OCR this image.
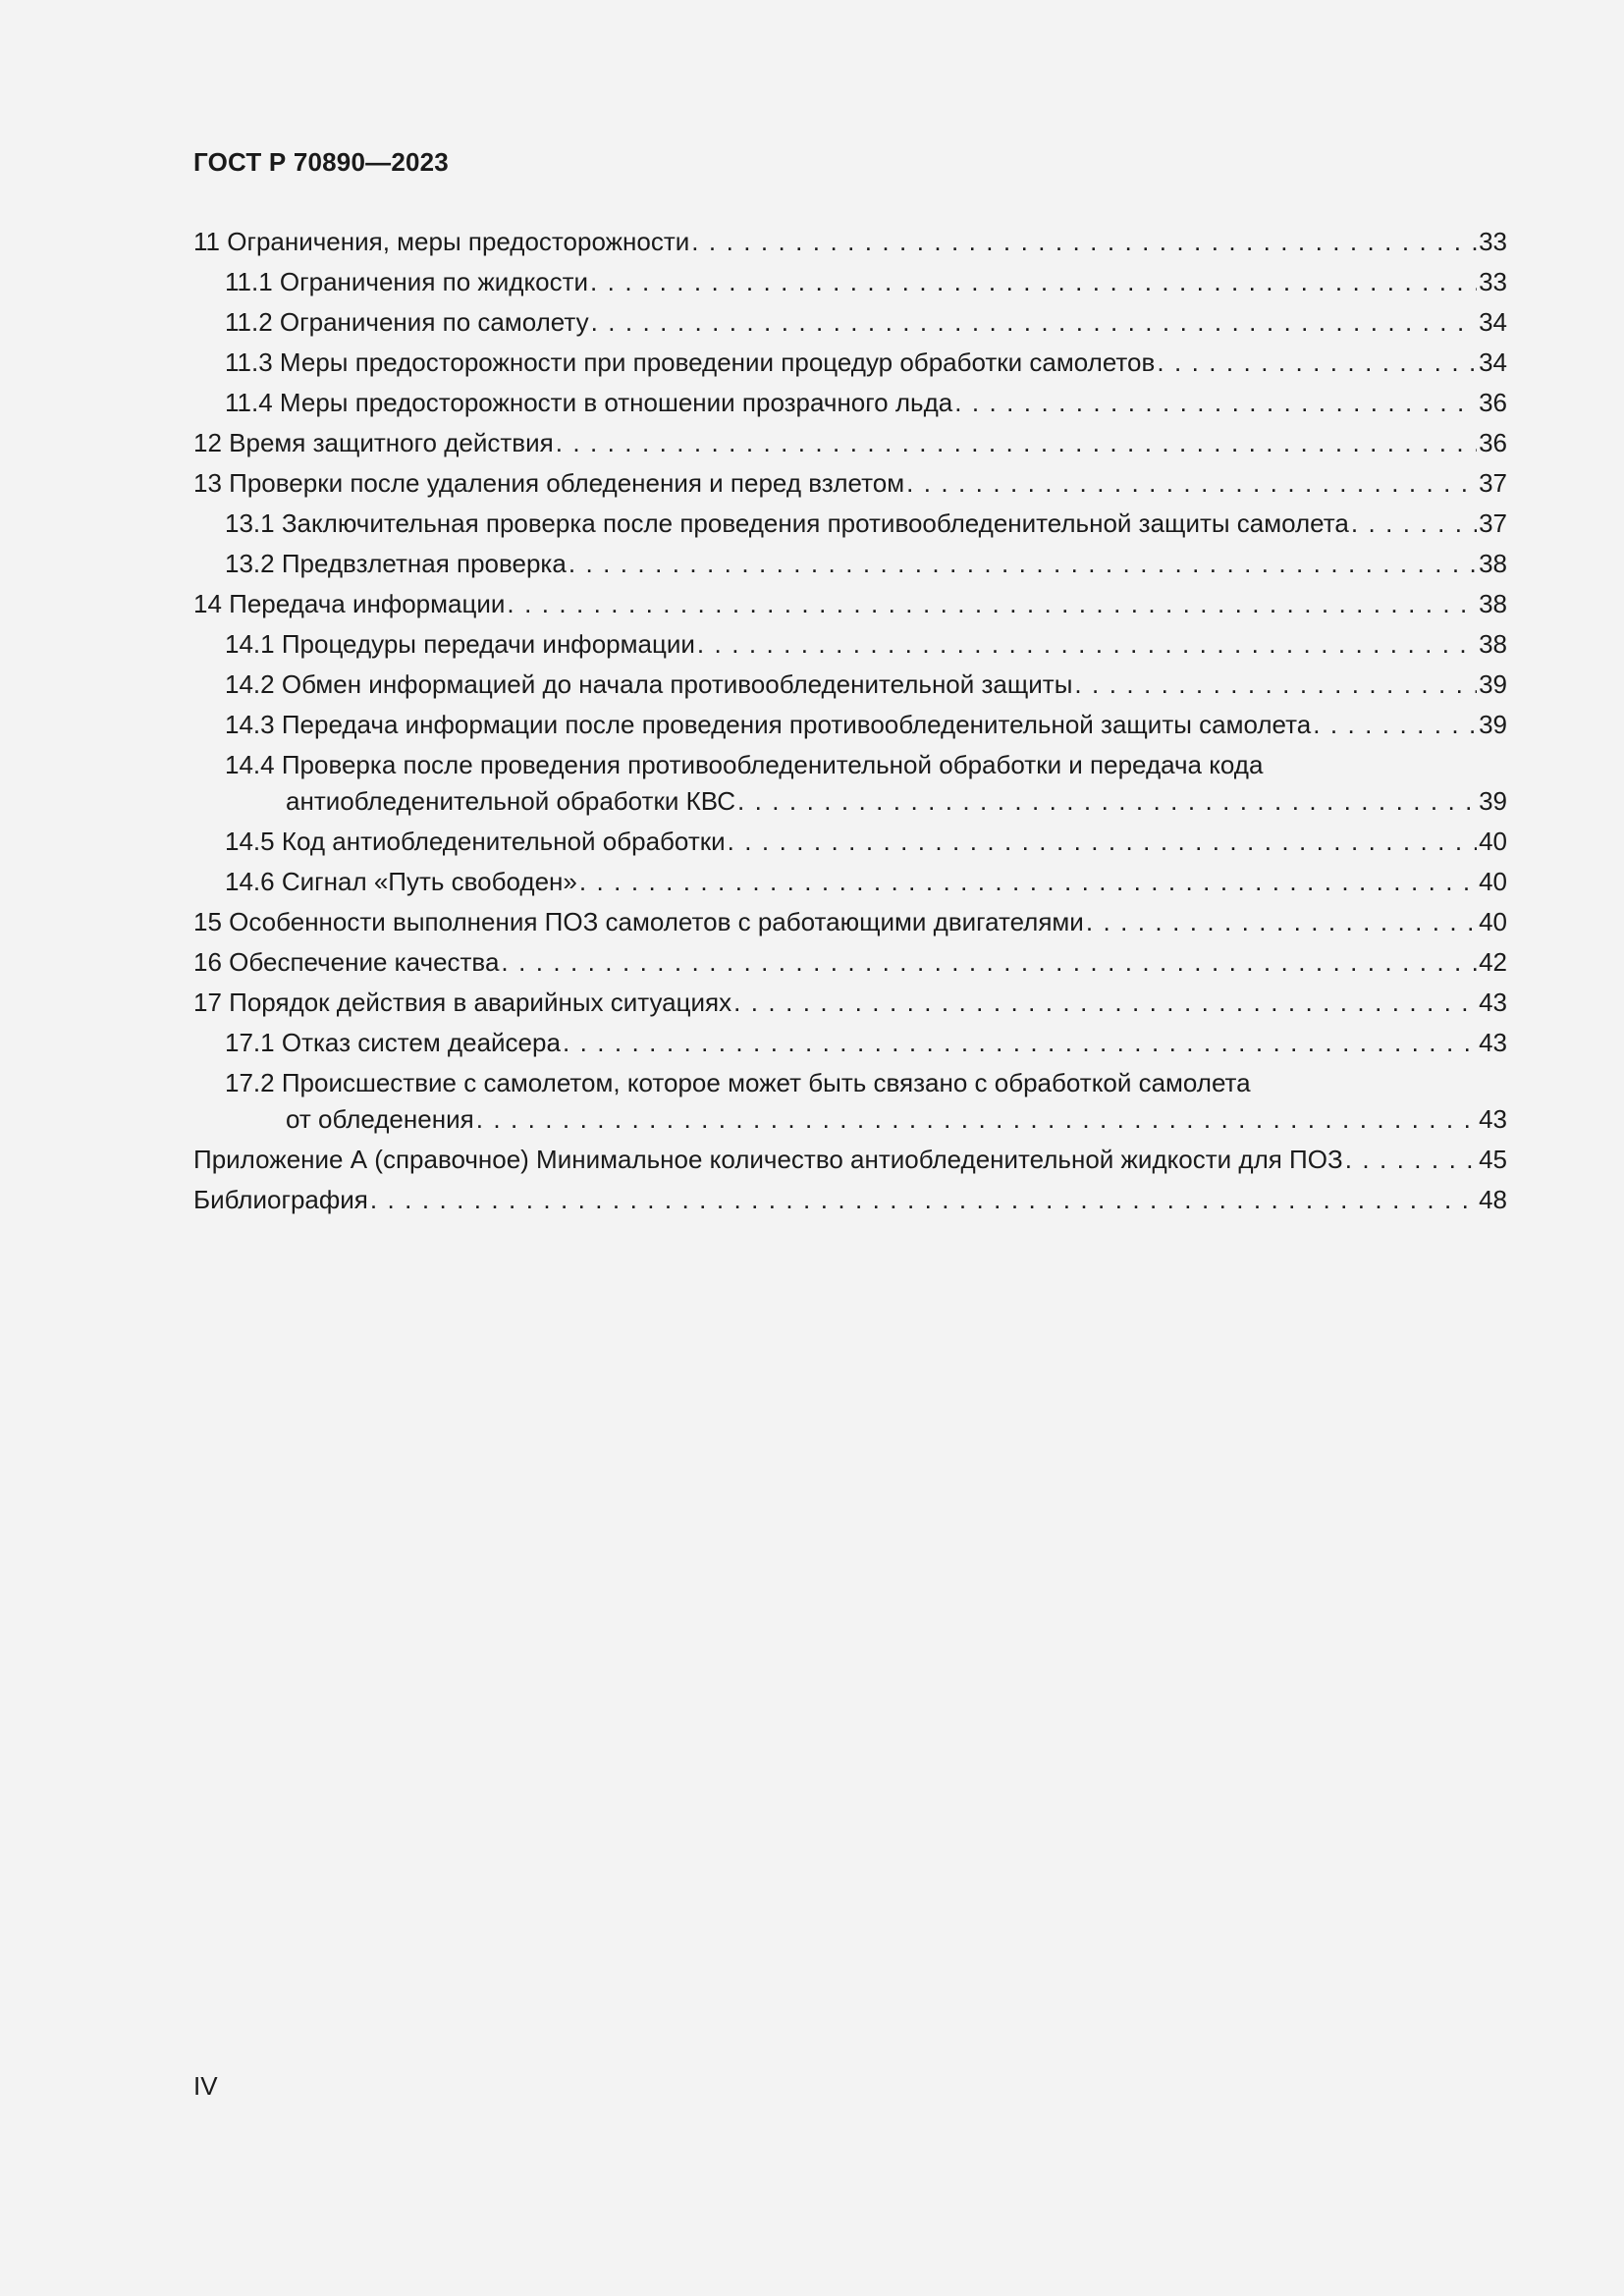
ГОСТ Р 70890—2023
11 Ограничения, меры предосторожности . . .	33
11.1 Ограничения по жидкости . . .	33
11.2 Ограничения по самолету . . .	34
11.3 Меры предосторожности при проведении процедур обработки самолетов . . .	34
11.4 Меры предосторожности в отношении прозрачного льда . . .	36
12 Время защитного действия . . .	36
13 Проверки после удаления обледенения и перед взлетом . . .	37
13.1 Заключительная проверка после проведения противообледенительной защиты самолета . . .	37
13.2 Предвзлетная проверка . . .	38
14 Передача информации . . .	38
14.1 Процедуры передачи информации . . .	38
14.2 Обмен информацией до начала противообледенительной защиты . . .	39
14.3 Передача информации после проведения противообледенительной защиты самолета . . .	39
14.4
Проверка после проведения противообледенительной обработки и передача кода
антиобледенительной обработки КВС . . .	39
14.5 Код антиобледенительной обработки . . .	40
14.6 Сигнал «Путь свободен» . . .	40
15 Особенности выполнения ПОЗ самолетов с работающими двигателями . . .	40
16 Обеспечение качества . . .	42
17 Порядок действия в аварийных ситуациях . . .	43
17.1 Отказ систем деайсера . . .	43
17.2
Происшествие с самолетом, которое может быть связано с обработкой самолета
от обледенения . . .	43
Приложение А (справочное) Минимальное количество антиобледенительной жидкости для ПОЗ . . .	45
Библиография . . .	48
IV
